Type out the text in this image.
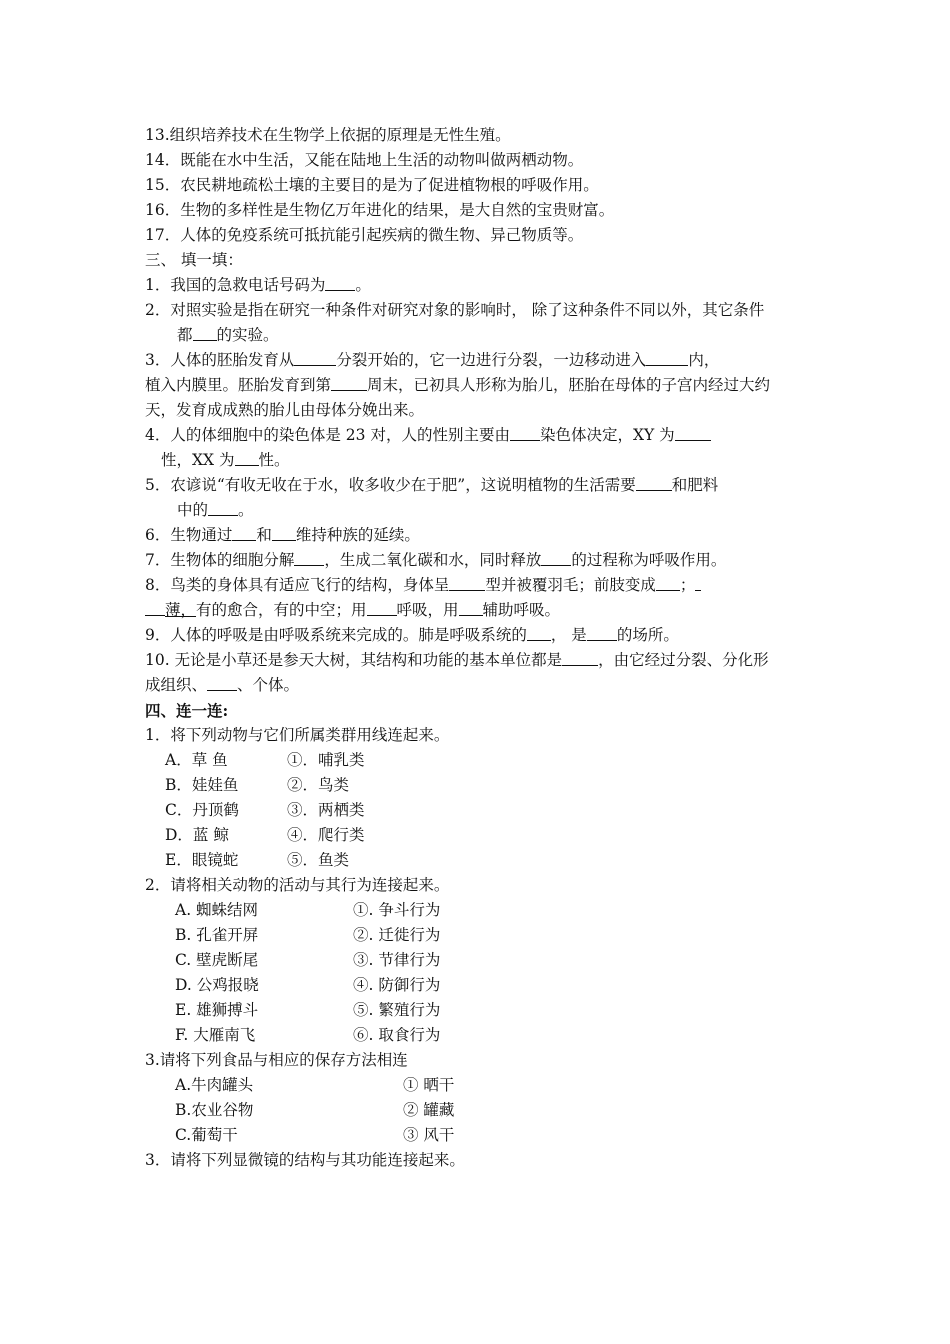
13.组织培养技术在生物学上依据的原理是无性生殖。
14．既能在水中生活，又能在陆地上生活的动物叫做两栖动物。
15．农民耕地疏松土壤的主要目的是为了促进植物根的呼吸作用。
16．生物的多样性是生物亿万年进化的结果，是大自然的宝贵财富。
17．人体的免疫系统可抵抗能引起疾病的微生物、异己物质等。
三、 填一填：
1．我国的急救电话号码为 。
2．对照实验是指在研究一种条件对研究对象的影响时， 除了这种条件不同以外，其它条件
都 的实验。
3．人体的胚胎发育从	分裂开始的，它一边进行分裂，一边移动进入	内，
植入内膜里。胚胎发育到第 周末，已初具人形称为胎儿，胚胎在母体的子宫内经过大约
天，发育成成熟的胎儿由母体分娩出来。
4．人的体细胞中的染色体是 23 对，人的性别主要由 染色体决定，XY 为
性，XX 为 性。
5．农谚说“有收无收在于水，收多收少在于肥”，这说明植物的生活需要 和肥料
中的 。
6．生物通过 和 维持种族的延续。
7．生物体的细胞分解 ，生成二氧化碳和水，同时释放 的过程称为呼吸作用。
8．鸟类的身体具有适应飞行的结构，身体呈 型并被覆羽毛；前肢变成 ；
薄，有的愈合，有的中空；用 呼吸，用 辅助呼吸。
9．人体的呼吸是由呼吸系统来完成的。肺是呼吸系统的 ， 是 的场所。
10. 无论是小草还是参天大树，其结构和功能的基本单位都是 ，由它经过分裂、分化形
成组织、 、个体。
四、连一连:
1．将下列动物与它们所属类群用线连起来。
A．草 鱼	①．哺乳类
B．娃娃鱼	②．鸟类
C．丹顶鹤	③．两栖类
D．蓝 鲸	④．爬行类
E．眼镜蛇	⑤．鱼类
2．请将相关动物的活动与其行为连接起来。
A. 蜘蛛结网	①. 争斗行为
B. 孔雀开屏	②. 迁徙行为
C. 壁虎断尾	③. 节律行为
D. 公鸡报晓	④. 防御行为
E. 雄狮搏斗	⑤. 繁殖行为
F. 大雁南飞	⑥. 取食行为
3.请将下列食品与相应的保存方法相连
A.牛肉罐头	① 晒干
B.农业谷物	② 罐藏
C.葡萄干	③ 风干
3．请将下列显微镜的结构与其功能连接起来。
